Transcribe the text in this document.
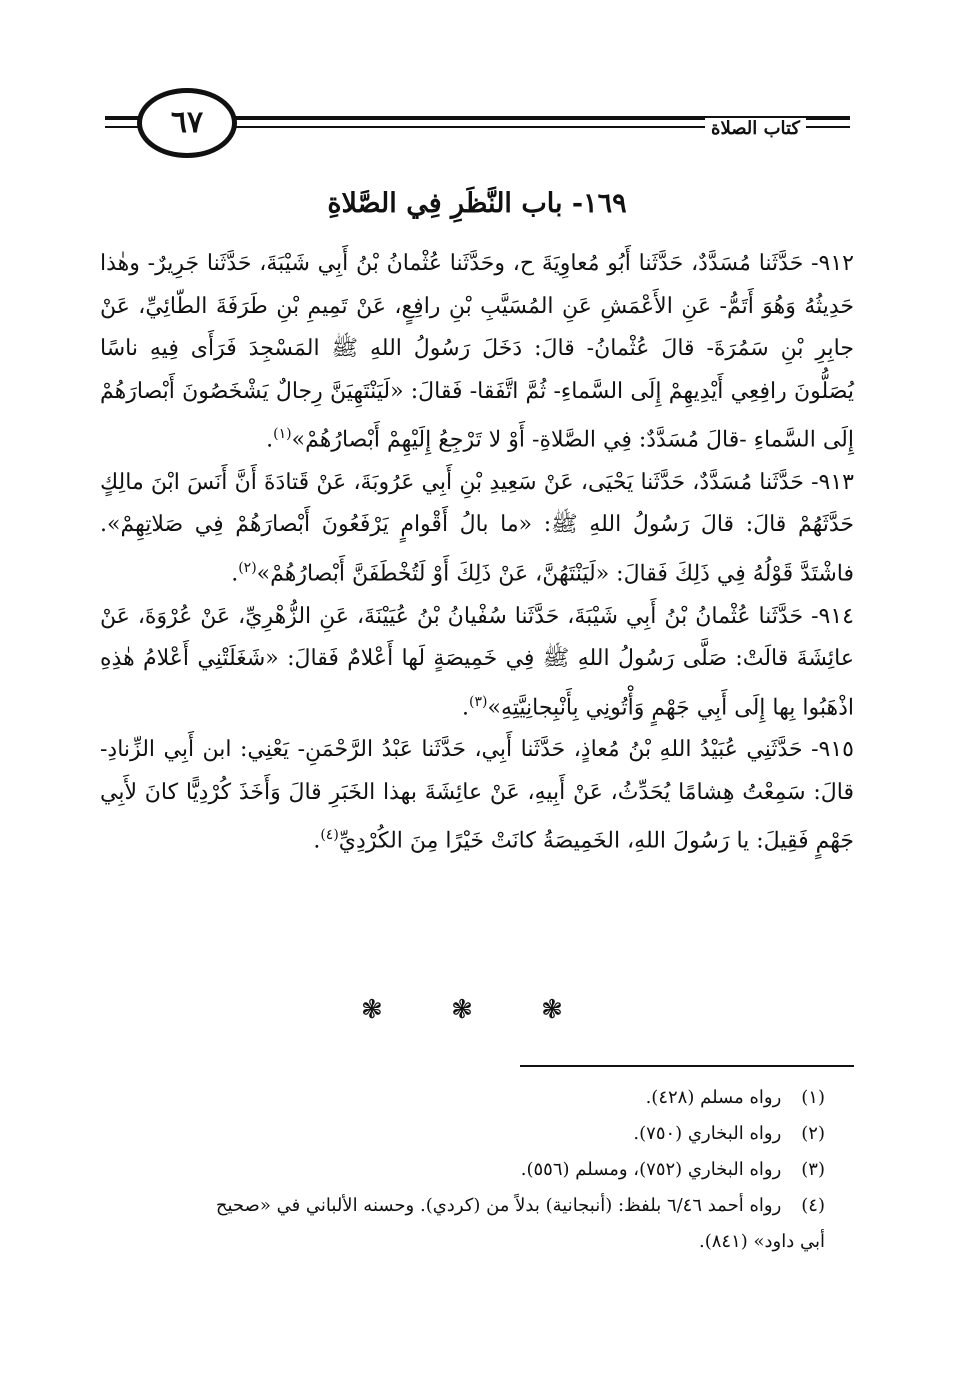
٦٧	كتاب الصلاة
١٦٩- باب النَّظَرِ فِي الصَّلاةِ

٩١٢- حَدَّثَنا مُسَدَّدٌ، حَدَّثَنا أَبُو مُعاوِيَةَ ح، وحَدَّثَنا عُثْمانُ بْنُ أَبِي شَيْبَةَ، حَدَّثَنا جَرِيرٌ- وهٰذا حَدِيثُهُ وَهُوَ أَتَمُّ- عَنِ الأَعْمَشِ عَنِ المُسَيَّبِ بْنِ رافِعٍ، عَنْ تَمِيمِ بْنِ طَرَفَةَ الطّائِيِّ، عَنْ جابِرِ بْنِ سَمُرَةَ- قالَ عُثْمانُ- قالَ: دَخَلَ رَسُولُ اللهِ ﷺ المَسْجِدَ فَرَأَى فِيهِ ناسًا يُصَلُّونَ رافِعِي أَيْدِيهِمْ إِلَى السَّماءِ- ثُمَّ اتَّفَقا- فَقالَ: «لَيَنْتَهِيَنَّ رِجالٌ يَشْخَصُونَ أَبْصارَهُمْ إِلَى السَّماءِ -قالَ مُسَدَّدٌ: فِي الصَّلاةِ- أَوْ لا تَرْجِعُ إِلَيْهِمْ أَبْصارُهُمْ»$^{(١)}$.

٩١٣- حَدَّثَنا مُسَدَّدٌ، حَدَّثَنا يَحْيَى، عَنْ سَعِيدِ بْنِ أَبِي عَرُوبَةَ، عَنْ قَتادَةَ أَنَّ أَنَسَ ابْنَ مالِكٍ حَدَّثَهُمْ قالَ: قالَ رَسُولُ اللهِ ﷺ: «ما بالُ أَقْوامٍ يَرْفَعُونَ أَبْصارَهُمْ فِي صَلاتِهِمْ». فاشْتَدَّ قَوْلُهُ فِي ذَلِكَ فَقالَ: «لَيَنْتَهُنَّ، عَنْ ذَلِكَ أَوْ لَتُخْطَفَنَّ أَبْصارُهُمْ»$^{(٢)}$.

٩١٤- حَدَّثَنا عُثْمانُ بْنُ أَبِي شَيْبَةَ، حَدَّثَنا سُفْيانُ بْنُ عُيَيْنَةَ، عَنِ الزُّهْرِيِّ، عَنْ عُرْوَةَ، عَنْ عائِشَةَ قالَتْ: صَلَّى رَسُولُ اللهِ ﷺ فِي خَمِيصَةٍ لَها أَعْلامٌ فَقالَ: «شَغَلَتْنِي أَعْلامُ هٰذِهِ اذْهَبُوا بِها إِلَى أَبِي جَهْمٍ وَأْتُونِي بِأَنْبِجانِيَّتِهِ»$^{(٣)}$.

٩١٥- حَدَّثَنِي عُبَيْدُ اللهِ بْنُ مُعاذٍ، حَدَّثَنا أَبِي، حَدَّثَنا عَبْدُ الرَّحْمَنِ- يَعْنِي: ابن أَبِي الزِّنادِ- قالَ: سَمِعْتُ هِشامًا يُحَدِّثُ، عَنْ أَبِيهِ، عَنْ عائِشَةَ بهذا الخَبَرِ قالَ وَأَخَذَ كُرْدِيًّا كانَ لأَبِي جَهْمٍ فَقِيلَ: يا رَسُولَ اللهِ، الخَمِيصَةُ كانَتْ خَيْرًا مِنَ الكُرْدِيِّ$^{(٤)}$.

❃ ❃ ❃

(١) رواه مسلم (٤٢٨).

(٢) رواه البخاري (٧٥٠).

(٣) رواه البخاري (٧٥٢)، ومسلم (٥٥٦).

(٤) رواه أحمد ٦/٤٦ بلفظ: (أنبجانية) بدلاً من (كردي). وحسنه الألباني في «صحيح

أبي داود» (٨٤١).
